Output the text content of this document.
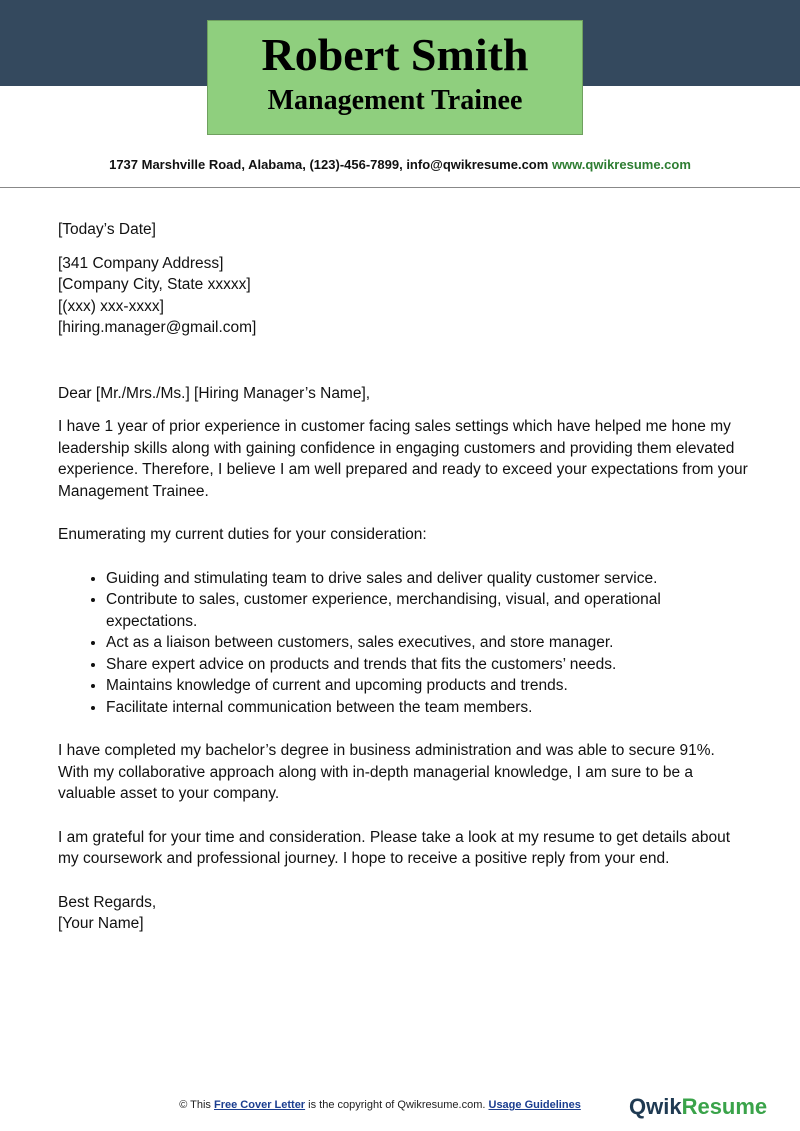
Robert Smith
Management Trainee
1737 Marshville Road, Alabama, (123)-456-7899, info@qwikresume.com www.qwikresume.com

[Today’s Date]

[341 Company Address]

[Company City, State xxxxx]

[(xxx) xxx-xxxx]

[hiring.manager@gmail.com]

Dear [Mr./Mrs./Ms.] [Hiring Manager’s Name],

I have 1 year of prior experience in customer facing sales settings which have helped me hone my leadership skills along with gaining confidence in engaging customers and providing them elevated experience. Therefore, I believe I am well prepared and ready to exceed your expectations from your Management Trainee.

Enumerating my current duties for your consideration:

• Guiding and stimulating team to drive sales and deliver quality customer service.
• Contribute to sales, customer experience, merchandising, visual, and operational expectations.
• Act as a liaison between customers, sales executives, and store manager.
• Share expert advice on products and trends that fits the customers’ needs.
• Maintains knowledge of current and upcoming products and trends.
• Facilitate internal communication between the team members.

I have completed my bachelor’s degree in business administration and was able to secure 91%. With my collaborative approach along with in-depth managerial knowledge, I am sure to be a valuable asset to your company.

I am grateful for your time and consideration. Please take a look at my resume to get details about my coursework and professional journey. I hope to receive a positive reply from your end.

Best Regards,

[Your Name]

© This Free Cover Letter is the copyright of Qwikresume.com. Usage Guidelines	QwikResume
